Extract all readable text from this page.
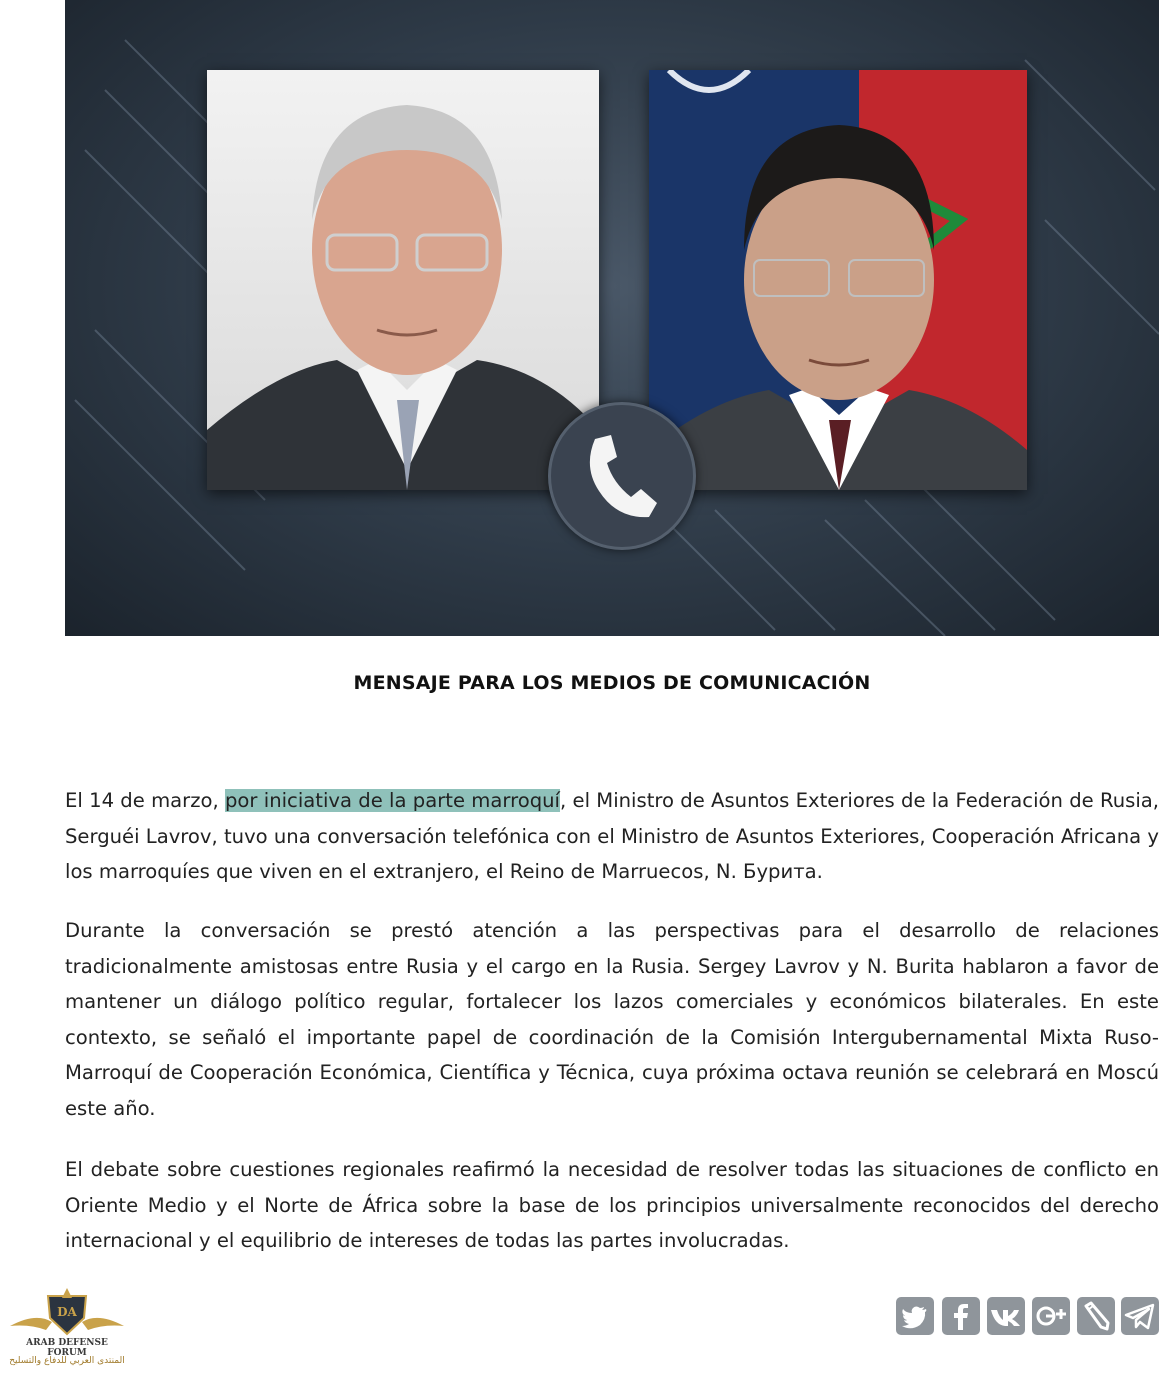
MENSAJE PARA LOS MEDIOS DE COMUNICACIÓN

El 14 de marzo, por iniciativa de la parte marroquí, el Ministro de Asuntos Exteriores de la Federación de Rusia, Serguéi Lavrov, tuvo una conversación telefónica con el Ministro de Asuntos Exteriores, Cooperación Africana y los marroquíes que viven en el extranjero, el Reino de Marruecos, N. Бурита.

Durante la conversación se prestó atención a las perspectivas para el desarrollo de relaciones tradicionalmente amistosas entre Rusia y el cargo en la Rusia. Sergey Lavrov y N. Burita hablaron a favor de mantener un diálogo político regular, fortalecer los lazos comerciales y económicos bilaterales. En este contexto, se señaló el importante papel de coordinación de la Comisión Intergubernamental Mixta Ruso-Marroquí de Cooperación Económica, Científica y Técnica, cuya próxima octava reunión se celebrará en Moscú este año.

El debate sobre cuestiones regionales reafirmó la necesidad de resolver todas las situaciones de conflicto en Oriente Medio y el Norte de África sobre la base de los principios universalmente reconocidos del derecho internacional y el equilibrio de intereses de todas las partes involucradas.

DA
ARAB DEFENSE FORUM
المنتدى العربي للدفاع والتسليح
